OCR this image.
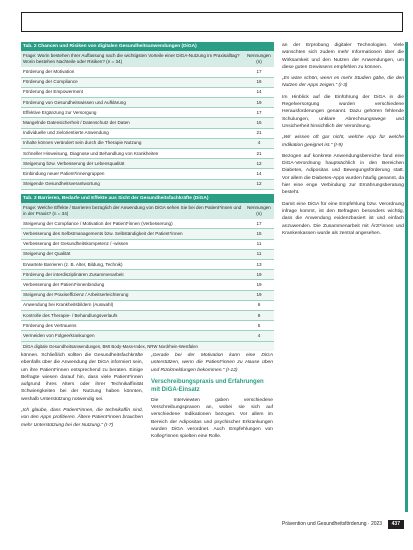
Tab. 2 Chancen und Risiken von digitalen Gesundheitsanwendungen (DiGA)	
Frage: Worin bestehen Ihrer Auffassung nach die wichtigsten Vorteile einer DiGA-Nutzung im Praxisalltag? Worin bestehen Nachteile oder Risiken? (n = 34)	Nennungen (n)
Förderung der Motivation	17
Förderung der Compliance	16
Förderung der Empowerment	14
Förderung von Gesundheitswissen und Aufklärung	19
Effektive Ergänzung zur Versorgung	17
Mangelnde Datensicherheit / Datenschutz der Daten	15
Individuelle und zielorientierte Anwendung	21
Inhalte können verändert sein durch die Therapie Nutzung	4
Schneller Hinweisung, Diagnose und Behandlung von Krankheiten	21
Steigerung bzw. Verbesserung der Lebensqualität	12
Einbindung neuer Patient*innengruppen	14
Steigende Gesundheitsverantwortung	12
Tab. 3 Barrieren, Bedarfe und Effekte aus Sicht der Gesundheitsfachkräfte (DiGA)	
Frage: Welche Effekte / Barrieren bezüglich der Anwendung von DiGA sehen Sie bei den Patient*innen und in der Praxis? (n = 34)	Nennungen (n)
Steigerung der Compliance / Motivation der Patient*innen (Verbesserung)	17
Verbesserung des Selbstmanagements bzw. Selbständigkeit der Patient*innen	15
Verbesserung der Gesundheitskompetenz / -wissen	11
Steigerung der Qualität	11
Erwartete Barrieren (z. B. Alter, Bildung, Technik)	13
Förderung der interdisziplinären Zusammenarbeit	19
Verbesserung der Patient*innenbindung	19
Steigerung der Praxiseffizienz / Arbeitserleichterung	19
Anwendung bei Krankheitsbildern (Auswahl)	6
Kontrolle des Therapie- / Behandlungsverlaufs	9
Förderung des Vertrauens	5
Vermeiden von Folgeerkrankungen	4
DiGA digitale Gesundheitsanwendungen, BMI Body-Mass-Index, NRW Nordrhein-Westfalen	

können. Schließlich sollten die Gesundheitsfachkräfte ebenfalls über die Anwendung der DiGA informiert sein, um ihre Patient*innen entsprechend zu beraten. Einige Befragte wiesen darauf hin, dass viele Patient*innen aufgrund ihres Alters oder ihrer Technikaffinität Schwierigkeiten bei der Nutzung haben könnten, weshalb Unterstützung notwendig sei.

„Ich glaube, dass Patient*innen, die technikaffin sind, von den Apps profitieren. Ältere Patient*innen brauchen mehr Unterstützung bei der Nutzung." (I-7)

„Gerade bei der Motivation kann eine DiGA unterstützen, wenn die Patient*innen zu Hause üben und Rückmeldungen bekommen." (I-12)

Verschreibungspraxis und Erfahrungen mit DiGA-Einsatz

Die Interviewten gaben verschiedene Verschreibungspraxen an, wobei sie sich auf verschiedene Indikationen bezogen. Vor allem im Bereich der Adipositas und psychischer Erkrankungen wurden DiGA verordnet. Auch Empfehlungen von Kolleg*innen spielten eine Rolle.

an der Erprobung digitaler Technologien. Viele wünschten sich zudem mehr Informationen über die Wirksamkeit und den Nutzen der Anwendungen, um diese guten Gewissens empfehlen zu können.

„Es wäre schön, wenn es mehr Studien gäbe, die den Nutzen der Apps zeigen." (I-3)

Im Hinblick auf die Einführung der DiGA in die Regelversorgung wurden verschiedene Herausforderungen genannt. Dazu gehören fehlende Schulungen, unklare Abrechnungswege und Unsicherheit hinsichtlich der Verordnung.

„Wir wissen oft gar nicht, welche App für welche Indikation geeignet ist." (I-9)

Bezogen auf konkrete Anwendungsbereiche fand eine DiGA-Verordnung hauptsächlich in den Bereichen Diabetes, Adipositas und Bewegungsförderung statt. Vor allem die Diabetes-Apps wurden häufig genannt, da hier eine enge Verbindung zur Ernährungsberatung besteht.

Damit eine DiGA für eine Empfehlung bzw. Verordnung infrage kommt, ist den Befragten besonders wichtig, dass die Anwendung evidenzbasiert ist und einfach anzuwenden. Die Zusammenarbeit mit Ärzt*innen und Krankenkassen wurde als zentral angesehen.

Prävention und Gesundheitsförderung · 2023	437
